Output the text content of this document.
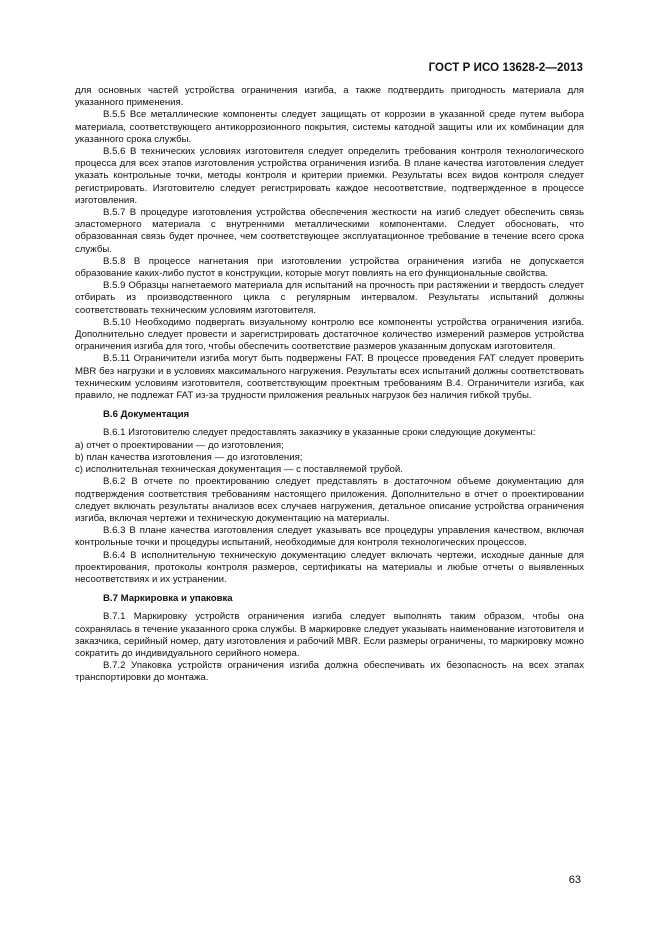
ГОСТ Р ИСО 13628-2—2013

для основных частей устройства ограничения изгиба, а также подтвердить пригодность материала для указанного применения.

B.5.5 Все металлические компоненты следует защищать от коррозии в указанной среде путем выбора материала, соответствующего антикоррозионного покрытия, системы катодной защиты или их комбинации для указанного срока службы.

B.5.6 В технических условиях изготовителя следует определить требования контроля технологического процесса для всех этапов изготовления устройства ограничения изгиба. В плане качества изготовления следует указать контрольные точки, методы контроля и критерии приемки. Результаты всех видов контроля следует регистрировать. Изготовителю следует регистрировать каждое несоответствие, подтвержденное в процессе изготовления.

B.5.7 В процедуре изготовления устройства обеспечения жесткости на изгиб следует обеспечить связь эластомерного материала с внутренними металлическими компонентами. Следует обосновать, что образованная связь будет прочнее, чем соответствующее эксплуатационное требование в течение всего срока службы.

B.5.8 В процессе нагнетания при изготовлении устройства ограничения изгиба не допускается образование каких-либо пустот в конструкции, которые могут повлиять на его функциональные свойства.

B.5.9 Образцы нагнетаемого материала для испытаний на прочность при растяжении и твердость следует отбирать из производственного цикла с регулярным интервалом. Результаты испытаний должны соответствовать техническим условиям изготовителя.

B.5.10 Необходимо подвергать визуальному контролю все компоненты устройства ограничения изгиба. Дополнительно следует провести и зарегистрировать достаточное количество измерений размеров устройства ограничения изгиба для того, чтобы обеспечить соответствие размеров указанным допускам изготовителя.

B.5.11 Ограничители изгиба могут быть подвержены FAT. В процессе проведения FAT следует проверить MBR без нагрузки и в условиях максимального нагружения. Результаты всех испытаний должны соответствовать техническим условиям изготовителя, соответствующим проектным требованиям B.4. Ограничители изгиба, как правило, не подлежат FAT из-за трудности приложения реальных нагрузок без наличия гибкой трубы.

B.6 Документация

B.6.1 Изготовителю следует предоставлять заказчику в указанные сроки следующие документы:

a) отчет о проектировании — до изготовления;

b) план качества изготовления — до изготовления;

c) исполнительная техническая документация — с поставляемой трубой.

B.6.2 В отчете по проектированию следует представлять в достаточном объеме документацию для подтверждения соответствия требованиям настоящего приложения. Дополнительно в отчет о проектировании следует включать результаты анализов всех случаев нагружения, детальное описание устройства ограничения изгиба, включая чертежи и техническую документацию на материалы.

B.6.3 В плане качества изготовления следует указывать все процедуры управления качеством, включая контрольные точки и процедуры испытаний, необходимые для контроля технологических процессов.

B.6.4 В исполнительную техническую документацию следует включать чертежи, исходные данные для проектирования, протоколы контроля размеров, сертификаты на материалы и любые отчеты о выявленных несоответствиях и их устранении.

B.7 Маркировка и упаковка

B.7.1 Маркировку устройств ограничения изгиба следует выполнять таким образом, чтобы она сохранялась в течение указанного срока службы. В маркировке следует указывать наименование изготовителя и заказчика, серийный номер, дату изготовления и рабочий MBR. Если размеры ограничены, то маркировку можно сократить до индивидуального серийного номера.

B.7.2 Упаковка устройств ограничения изгиба должна обеспечивать их безопасность на всех этапах транспортировки до монтажа.

63
